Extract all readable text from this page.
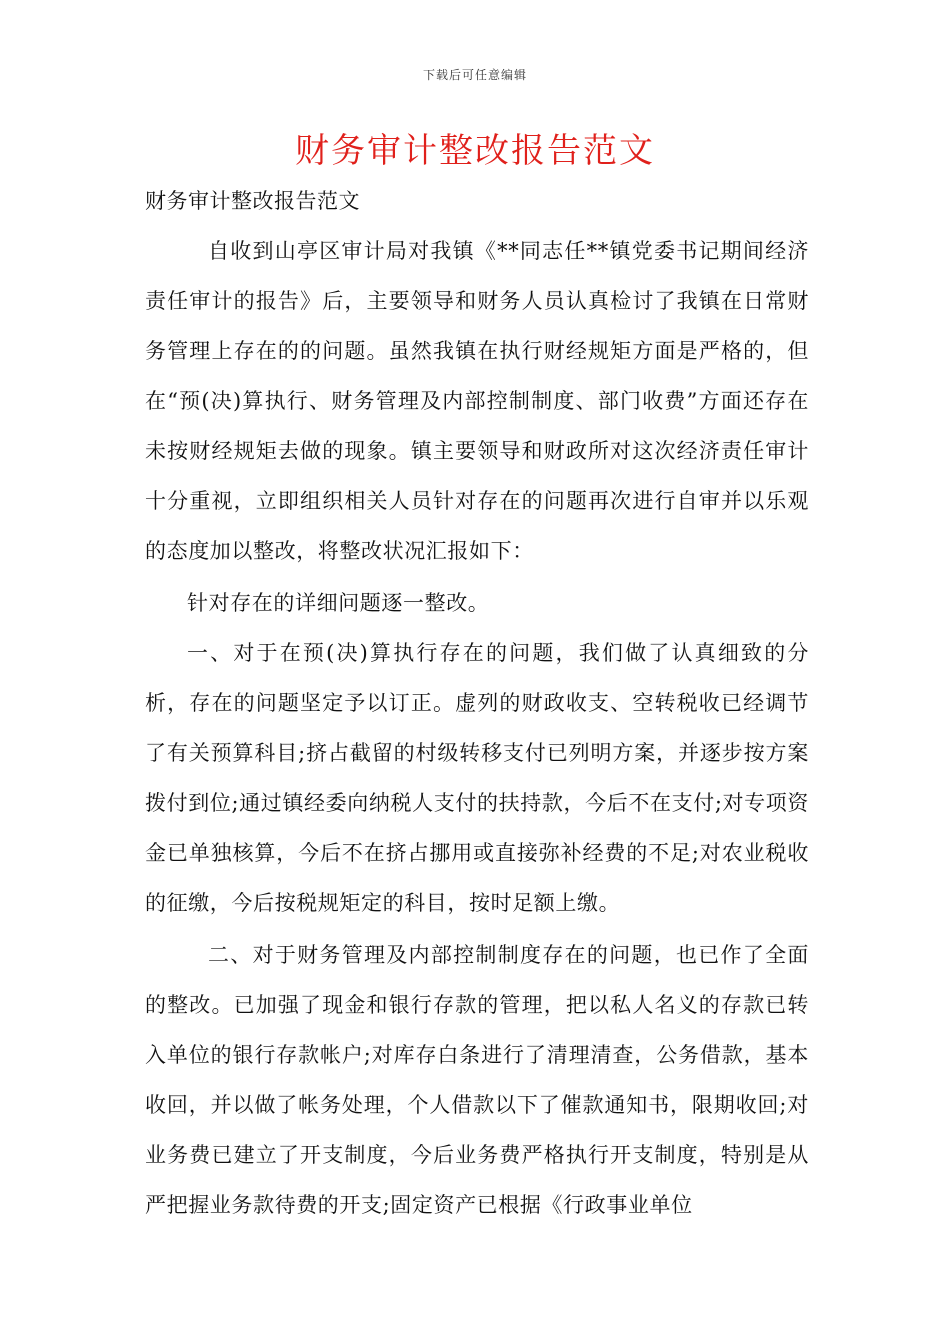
下载后可任意编辑
财务审计整改报告范文
财务审计整改报告范文

自收到山亭区审计局对我镇《**同志任**镇党委书记期间经济责任审计的报告》后，主要领导和财务人员认真检讨了我镇在日常财务管理上存在的的问题。虽然我镇在执行财经规矩方面是严格的，但在“预(决)算执行、财务管理及内部控制制度、部门收费”方面还存在未按财经规矩去做的现象。镇主要领导和财政所对这次经济责任审计十分重视，立即组织相关人员针对存在的问题再次进行自审并以乐观的态度加以整改，将整改状况汇报如下：

针对存在的详细问题逐一整改。

一、对于在预(决)算执行存在的问题，我们做了认真细致的分析，存在的问题坚定予以订正。虚列的财政收支、空转税收已经调节了有关预算科目;挤占截留的村级转移支付已列明方案，并逐步按方案拨付到位;通过镇经委向纳税人支付的扶持款，今后不在支付;对专项资金已单独核算，今后不在挤占挪用或直接弥补经费的不足;对农业税收的征缴，今后按税规矩定的科目，按时足额上缴。

二、对于财务管理及内部控制制度存在的问题，也已作了全面的整改。已加强了现金和银行存款的管理，把以私人名义的存款已转入单位的银行存款帐户;对库存白条进行了清理清查，公务借款，基本收回，并以做了帐务处理，个人借款以下了催款通知书，限期收回;对业务费已建立了开支制度，今后业务费严格执行开支制度，特别是从严把握业务款待费的开支;固定资产已根据《行政事业单位
